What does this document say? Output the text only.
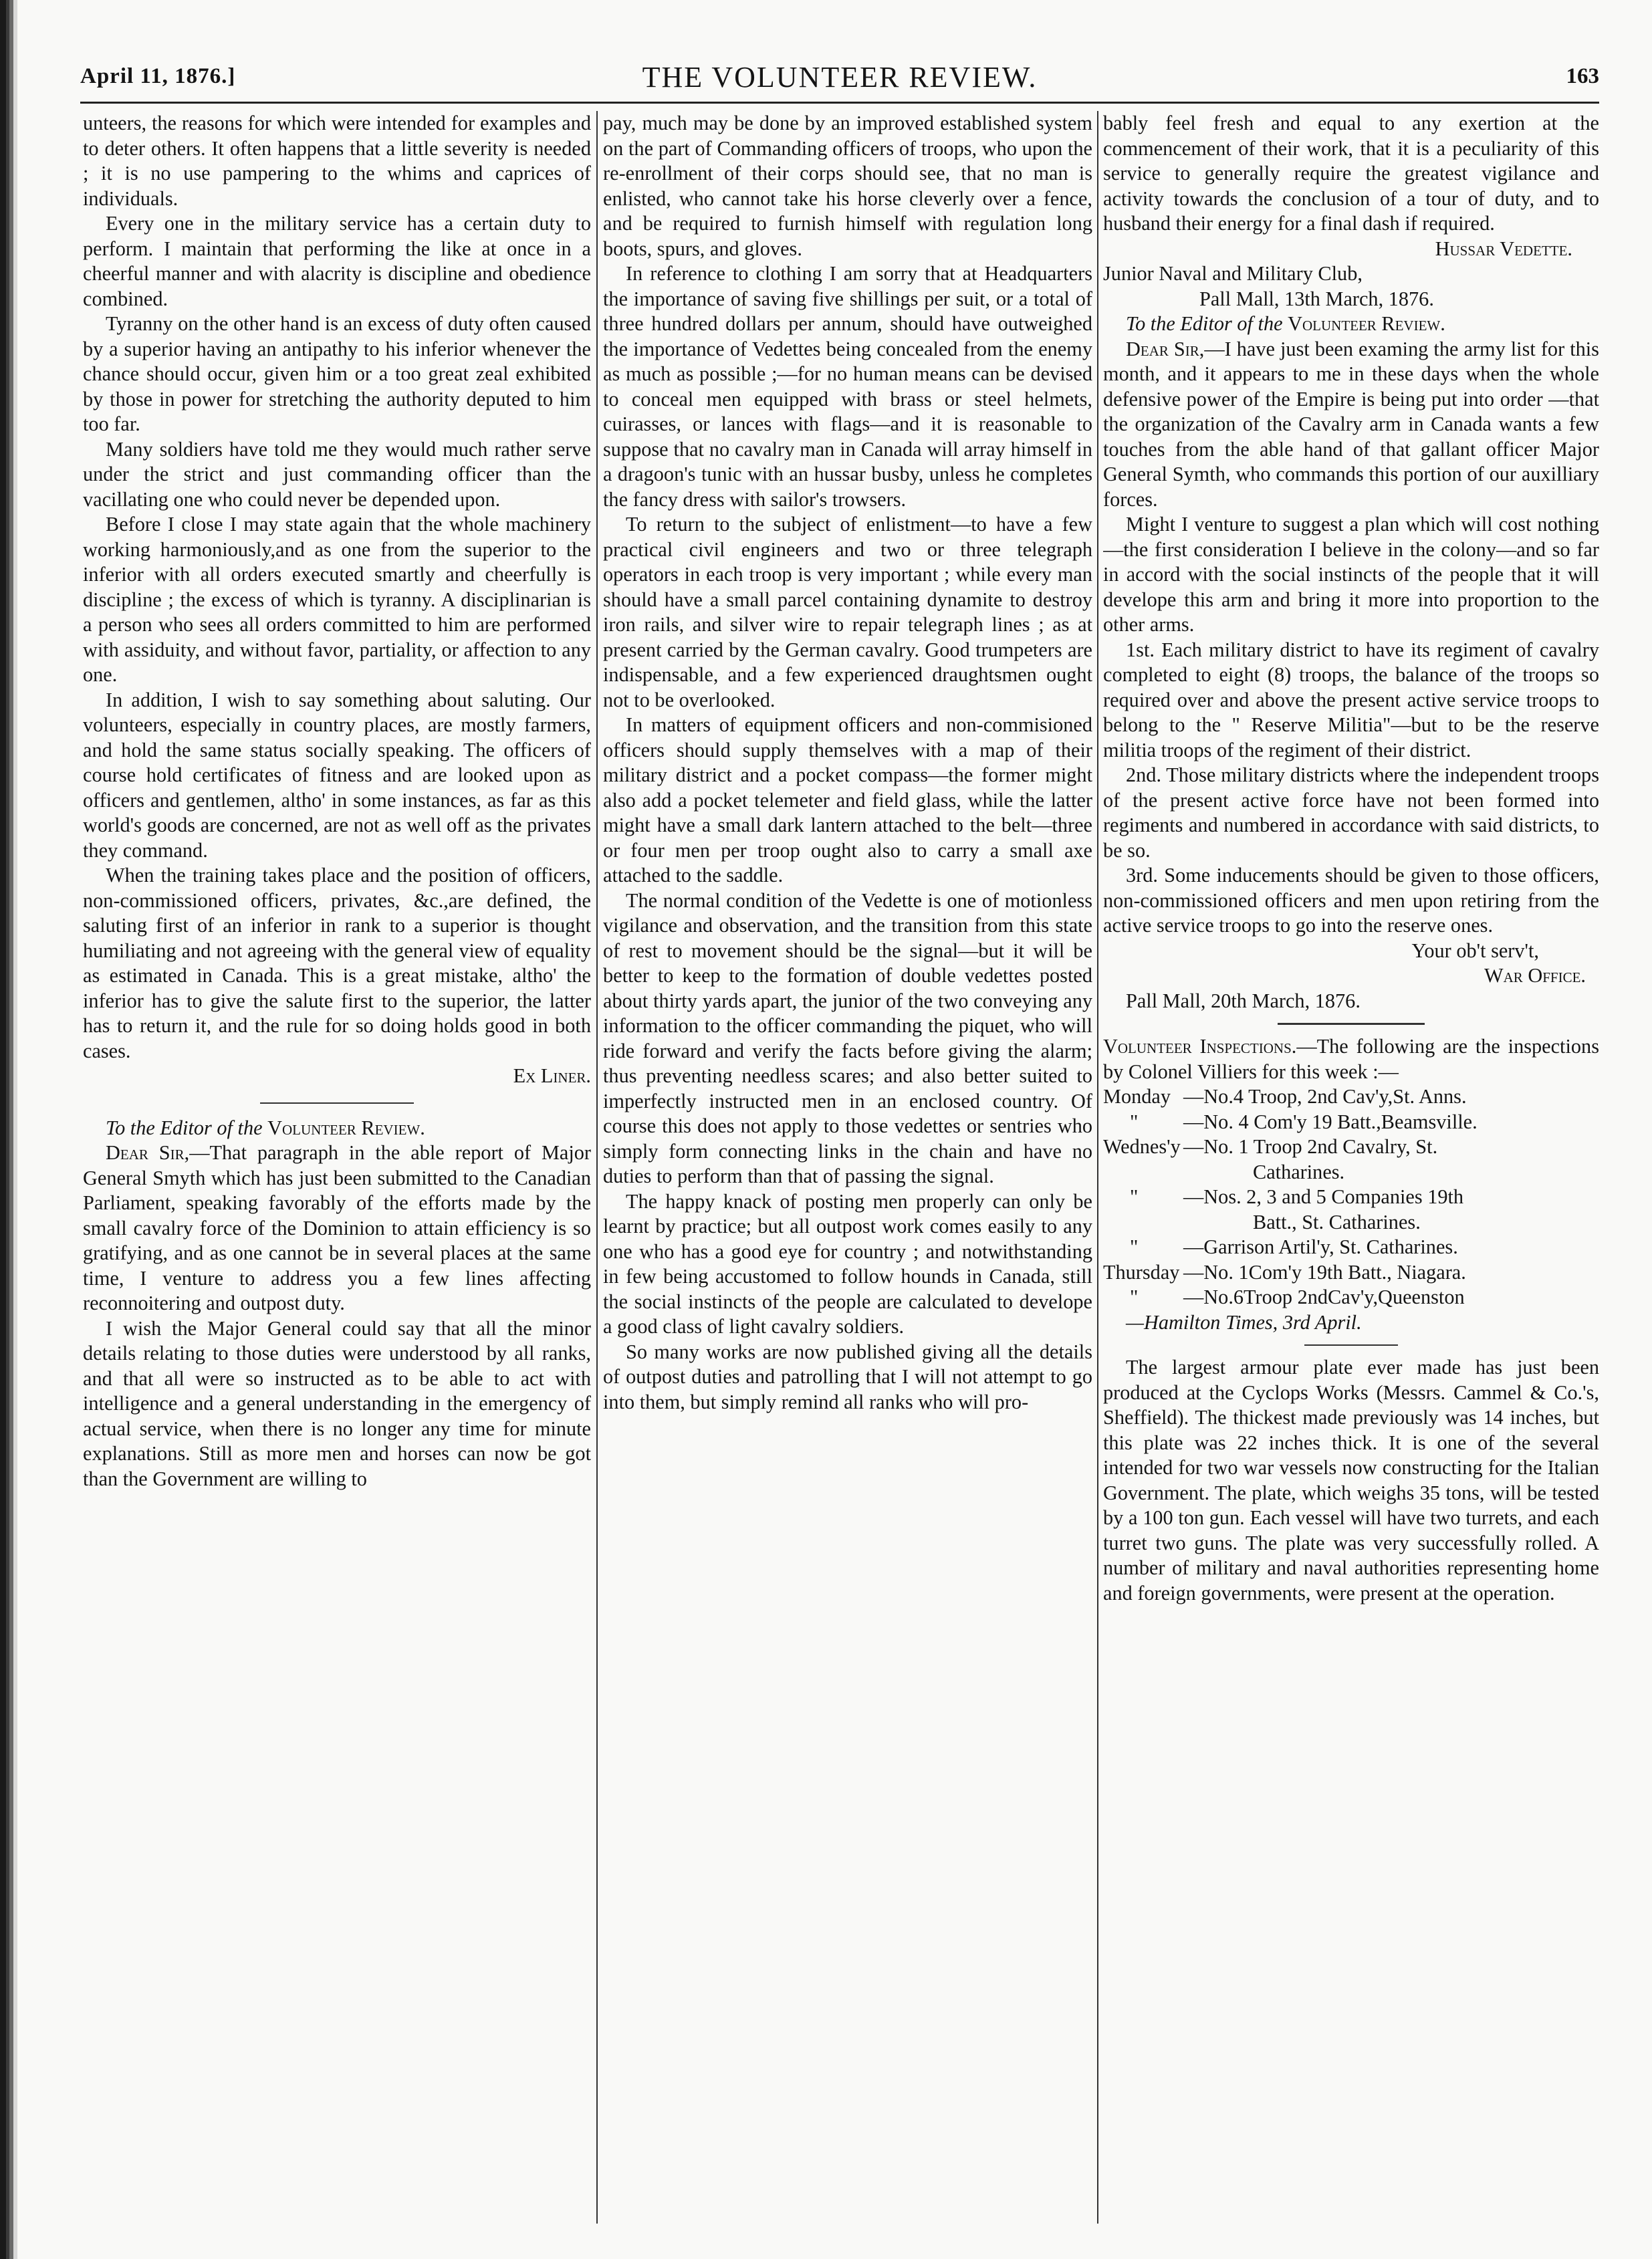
April 11, 1876.]	THE VOLUNTEER REVIEW.	163

unteers, the reasons for which were intended for examples and to deter others. It often happens that a little severity is needed ; it is no use pampering to the whims and caprices of individuals.

Every one in the military service has a certain duty to perform. I maintain that performing the like at once in a cheerful manner and with alacrity is discipline and obedience combined.

Tyranny on the other hand is an excess of duty often caused by a superior having an antipathy to his inferior whenever the chance should occur, given him or a too great zeal exhibited by those in power for stretching the authority deputed to him too far.

Many soldiers have told me they would much rather serve under the strict and just commanding officer than the vacillating one who could never be depended upon.

Before I close I may state again that the whole machinery working harmoniously,and as one from the superior to the inferior with all orders executed smartly and cheerfully is discipline ; the excess of which is tyranny. A disciplinarian is a person who sees all orders committed to him are performed with assiduity, and without favor, partiality, or affection to any one.

In addition, I wish to say something about saluting. Our volunteers, especially in country places, are mostly farmers, and hold the same status socially speaking. The officers of course hold certificates of fitness and are looked upon as officers and gentlemen, altho' in some instances, as far as this world's goods are concerned, are not as well off as the privates they command.

When the training takes place and the position of officers, non-commissioned officers, privates, &c.,are defined, the saluting first of an inferior in rank to a superior is thought humiliating and not agreeing with the general view of equality as estimated in Canada. This is a great mistake, altho' the inferior has to give the salute first to the superior, the latter has to return it, and the rule for so doing holds good in both cases.

Ex Liner.

To the Editor of the Volunteer Review.

Dear Sir,—That paragraph in the able report of Major General Smyth which has just been submitted to the Canadian Parliament, speaking favorably of the efforts made by the small cavalry force of the Dominion to attain efficiency is so gratifying, and as one cannot be in several places at the same time, I venture to address you a few lines affecting reconnoitering and outpost duty.

I wish the Major General could say that all the minor details relating to those duties were understood by all ranks, and that all were so instructed as to be able to act with intelligence and a general understanding in the emergency of actual service, when there is no longer any time for minute explanations. Still as more men and horses can now be got than the Government are willing to

pay, much may be done by an improved established system on the part of Commanding officers of troops, who upon the re-enrollment of their corps should see, that no man is enlisted, who cannot take his horse cleverly over a fence, and be required to furnish himself with regulation long boots, spurs, and gloves.

In reference to clothing I am sorry that at Headquarters the importance of saving five shillings per suit, or a total of three hundred dollars per annum, should have outweighed the importance of Vedettes being concealed from the enemy as much as possible ;—for no human means can be devised to conceal men equipped with brass or steel helmets, cuirasses, or lances with flags—and it is reasonable to suppose that no cavalry man in Canada will array himself in a dragoon's tunic with an hussar busby, unless he completes the fancy dress with sailor's trowsers.

To return to the subject of enlistment—to have a few practical civil engineers and two or three telegraph operators in each troop is very important ; while every man should have a small parcel containing dynamite to destroy iron rails, and silver wire to repair telegraph lines ; as at present carried by the German cavalry. Good trumpeters are indispensable, and a few experienced draughtsmen ought not to be overlooked.

In matters of equipment officers and non-commisioned officers should supply themselves with a map of their military district and a pocket compass—the former might also add a pocket telemeter and field glass, while the latter might have a small dark lantern attached to the belt—three or four men per troop ought also to carry a small axe attached to the saddle.

The normal condition of the Vedette is one of motionless vigilance and observation, and the transition from this state of rest to movement should be the signal—but it will be better to keep to the formation of double vedettes posted about thirty yards apart, the junior of the two conveying any information to the officer commanding the piquet, who will ride forward and verify the facts before giving the alarm; thus preventing needless scares; and also better suited to imperfectly instructed men in an enclosed country. Of course this does not apply to those vedettes or sentries who simply form connecting links in the chain and have no duties to perform than that of passing the signal.

The happy knack of posting men properly can only be learnt by practice; but all outpost work comes easily to any one who has a good eye for country ; and notwithstanding in few being accustomed to follow hounds in Canada, still the social instincts of the people are calculated to develope a good class of light cavalry soldiers.

So many works are now published giving all the details of outpost duties and patrolling that I will not attempt to go into them, but simply remind all ranks who will pro-

bably feel fresh and equal to any exertion at the commencement of their work, that it is a peculiarity of this service to generally require the greatest vigilance and activity towards the conclusion of a tour of duty, and to husband their energy for a final dash if required.

Hussar Vedette.

Junior Naval and Military Club,

Pall Mall, 13th March, 1876.

To the Editor of the Volunteer Review.

Dear Sir,—I have just been examing the army list for this month, and it appears to me in these days when the whole defensive power of the Empire is being put into order —that the organization of the Cavalry arm in Canada wants a few touches from the able hand of that gallant officer Major General Symth, who commands this portion of our auxilliary forces.

Might I venture to suggest a plan which will cost nothing—the first consideration I believe in the colony—and so far in accord with the social instincts of the people that it will develope this arm and bring it more into proportion to the other arms.

1st. Each military district to have its regiment of cavalry completed to eight (8) troops, the balance of the troops so required over and above the present active service troops to belong to the " Reserve Militia"—but to be the reserve militia troops of the regiment of their district.

2nd. Those military districts where the independent troops of the present active force have not been formed into regiments and numbered in accordance with said districts, to be so.

3rd. Some inducements should be given to those officers, non-commissioned officers and men upon retiring from the active service troops to go into the reserve ones.

Your ob't serv't,

War Office.

Pall Mall, 20th March, 1876.

Volunteer Inspections.—The following are the inspections by Colonel Villiers for this week :—

Monday —No.4 Troop, 2nd Cav'y,St. Anns.
"	—No. 4 Com'y 19 Batt.,Beamsville.
Wednes'y —No. 1 Troop 2nd Cavalry, St.

Catharines.

"	—Nos. 2, 3 and 5 Companies 19th

Batt., St. Catharines.

"	—Garrison Artil'y, St. Catharines.
Thursday —No. 1Com'y 19th Batt., Niagara.
"	—No.6Troop 2ndCav'y,Queenston

—Hamilton Times, 3rd April.

The largest armour plate ever made has just been produced at the Cyclops Works (Messrs. Cammel & Co.'s, Sheffield). The thickest made previously was 14 inches, but this plate was 22 inches thick. It is one of the several intended for two war vessels now constructing for the Italian Government. The plate, which weighs 35 tons, will be tested by a 100 ton gun. Each vessel will have two turrets, and each turret two guns. The plate was very successfully rolled. A number of military and naval authorities representing home and foreign governments, were present at the operation.
